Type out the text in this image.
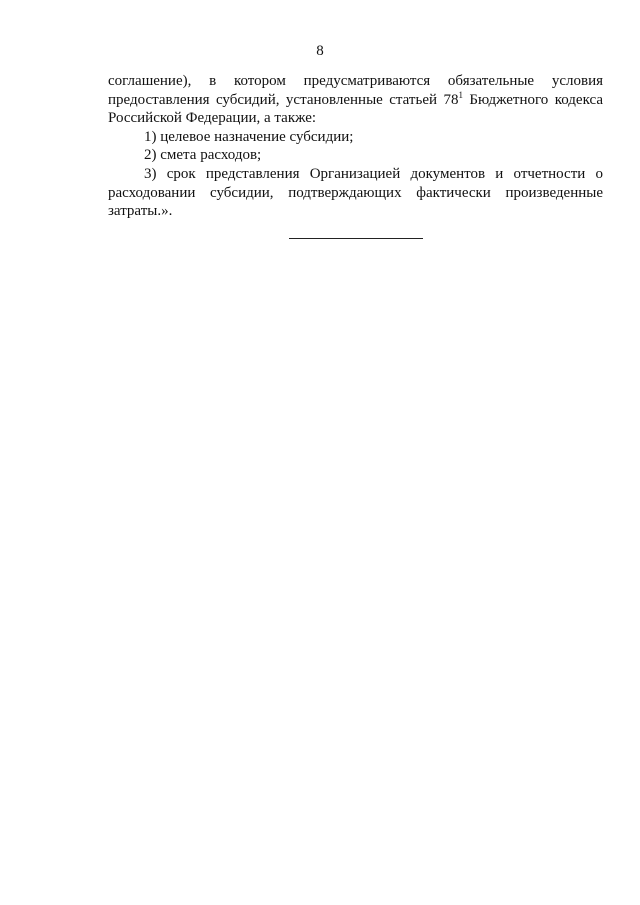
8
соглашение), в котором предусматриваются обязательные условия
предоставления субсидий, установленные статьей $78^1$ Бюджетного кодекса
Российской Федерации, а также:
1) целевое назначение субсидии;
2) смета расходов;
3) срок представления Организацией документов и отчетности о
расходовании субсидии, подтверждающих фактически произведенные
затраты.».
